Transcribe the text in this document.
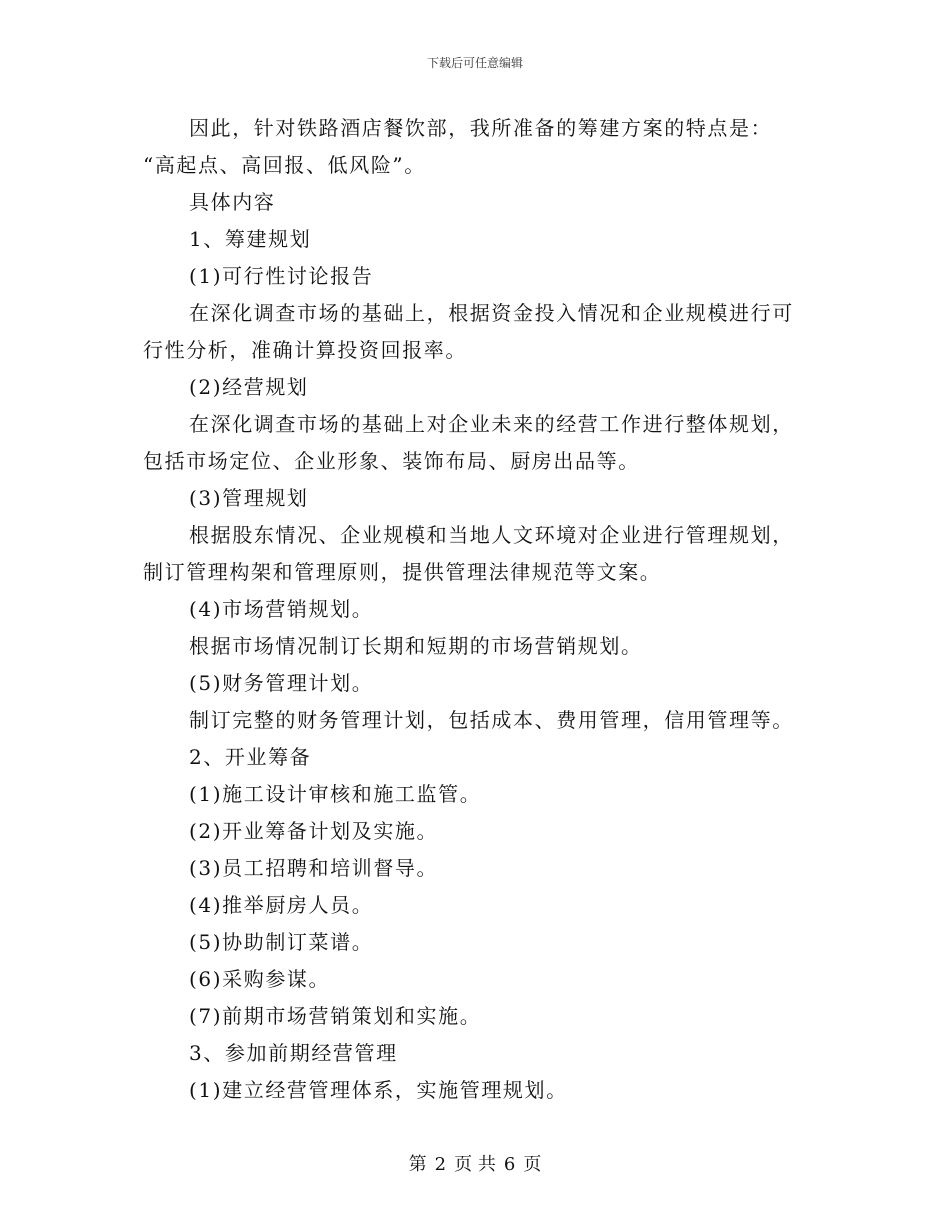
下载后可任意编辑
因此，针对铁路酒店餐饮部，我所准备的筹建方案的特点是：
“高起点、高回报、低风险”。
具体内容
1、筹建规划
(1)可行性讨论报告
在深化调查市场的基础上，根据资金投入情况和企业规模进行可
行性分析，准确计算投资回报率。
(2)经营规划
在深化调查市场的基础上对企业未来的经营工作进行整体规划，
包括市场定位、企业形象、装饰布局、厨房出品等。
(3)管理规划
根据股东情况、企业规模和当地人文环境对企业进行管理规划，
制订管理构架和管理原则，提供管理法律规范等文案。
(4)市场营销规划。
根据市场情况制订长期和短期的市场营销规划。
(5)财务管理计划。
制订完整的财务管理计划，包括成本、费用管理，信用管理等。
2、开业筹备
(1)施工设计审核和施工监管。
(2)开业筹备计划及实施。
(3)员工招聘和培训督导。
(4)推举厨房人员。
(5)协助制订菜谱。
(6)采购参谋。
(7)前期市场营销策划和实施。
3、参加前期经营管理
(1)建立经营管理体系，实施管理规划。
第 2 页 共 6 页
